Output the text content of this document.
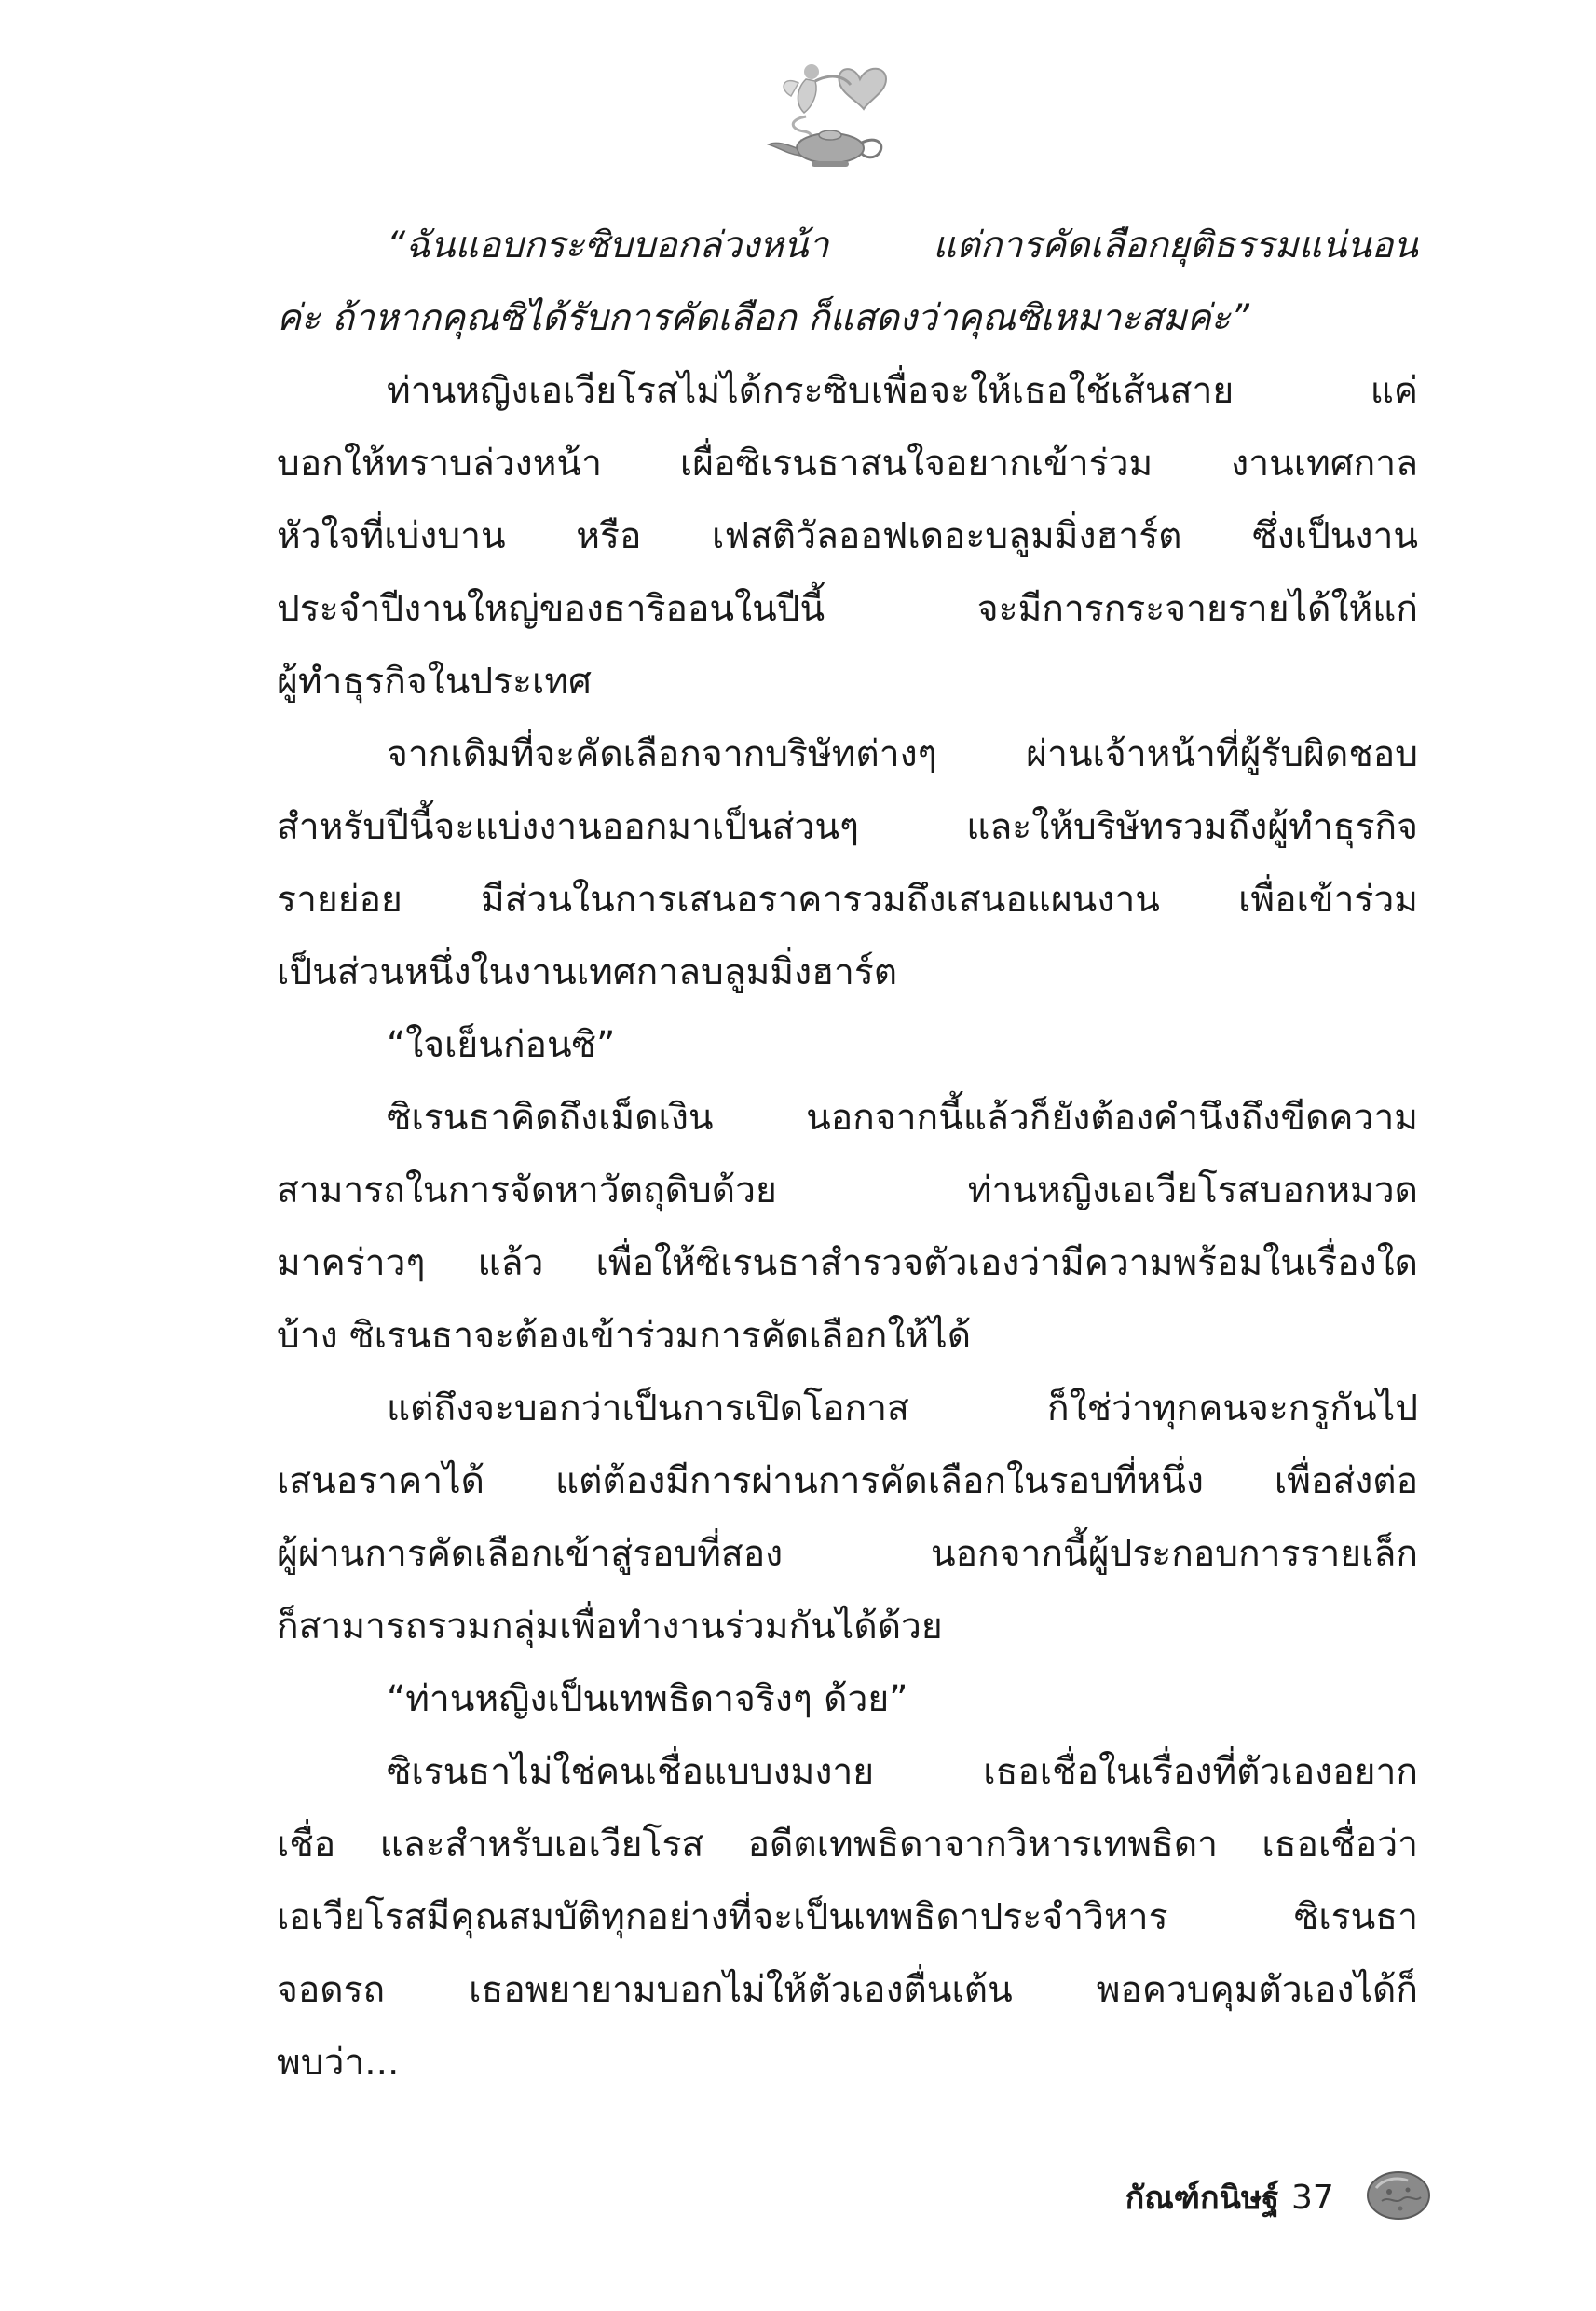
“ฉันแอบกระซิบบอกล่วงหน้า แต่การคัดเลือกยุติธรรมแน่นอน
ค่ะ ถ้าหากคุณซิได้รับการคัดเลือก ก็แสดงว่าคุณซิเหมาะสมค่ะ”
ท่านหญิงเอเวียโรสไม่ได้กระซิบเพื่อจะให้เธอใช้เส้นสาย แค่
บอกให้ทราบล่วงหน้า เผื่อซิเรนธาสนใจอยากเข้าร่วม งานเทศกาล
หัวใจที่เบ่งบาน หรือ เฟสติวัลออฟเดอะบลูมมิ่งฮาร์ต ซึ่งเป็นงาน
ประจำปีงานใหญ่ของธาริออนในปีนี้ จะมีการกระจายรายได้ให้แก่
ผู้ทำธุรกิจในประเทศ
จากเดิมที่จะคัดเลือกจากบริษัทต่างๆ ผ่านเจ้าหน้าที่ผู้รับผิดชอบ
สำหรับปีนี้จะแบ่งงานออกมาเป็นส่วนๆ และให้บริษัทรวมถึงผู้ทำธุรกิจ
รายย่อย มีส่วนในการเสนอราคารวมถึงเสนอแผนงาน เพื่อเข้าร่วม
เป็นส่วนหนึ่งในงานเทศกาลบลูมมิ่งฮาร์ต
“ใจเย็นก่อนซิ”
ซิเรนธาคิดถึงเม็ดเงิน นอกจากนี้แล้วก็ยังต้องคำนึงถึงขีดความ
สามารถในการจัดหาวัตถุดิบด้วย ท่านหญิงเอเวียโรสบอกหมวด
มาคร่าวๆ แล้ว เพื่อให้ซิเรนธาสำรวจตัวเองว่ามีความพร้อมในเรื่องใด
บ้าง ซิเรนธาจะต้องเข้าร่วมการคัดเลือกให้ได้
แต่ถึงจะบอกว่าเป็นการเปิดโอกาส ก็ใช่ว่าทุกคนจะกรูกันไป
เสนอราคาได้ แต่ต้องมีการผ่านการคัดเลือกในรอบที่หนึ่ง เพื่อส่งต่อ
ผู้ผ่านการคัดเลือกเข้าสู่รอบที่สอง นอกจากนี้ผู้ประกอบการรายเล็ก
ก็สามารถรวมกลุ่มเพื่อทำงานร่วมกันได้ด้วย
“ท่านหญิงเป็นเทพธิดาจริงๆ ด้วย”
ซิเรนธาไม่ใช่คนเชื่อแบบงมงาย เธอเชื่อในเรื่องที่ตัวเองอยาก
เชื่อ และสำหรับเอเวียโรส อดีตเทพธิดาจากวิหารเทพธิดา เธอเชื่อว่า
เอเวียโรสมีคุณสมบัติทุกอย่างที่จะเป็นเทพธิดาประจำวิหาร ซิเรนธา
จอดรถ เธอพยายามบอกไม่ให้ตัวเองตื่นเต้น พอควบคุมตัวเองได้ก็
พบว่า...
กัณฑ์กนิษฐ์ 37
